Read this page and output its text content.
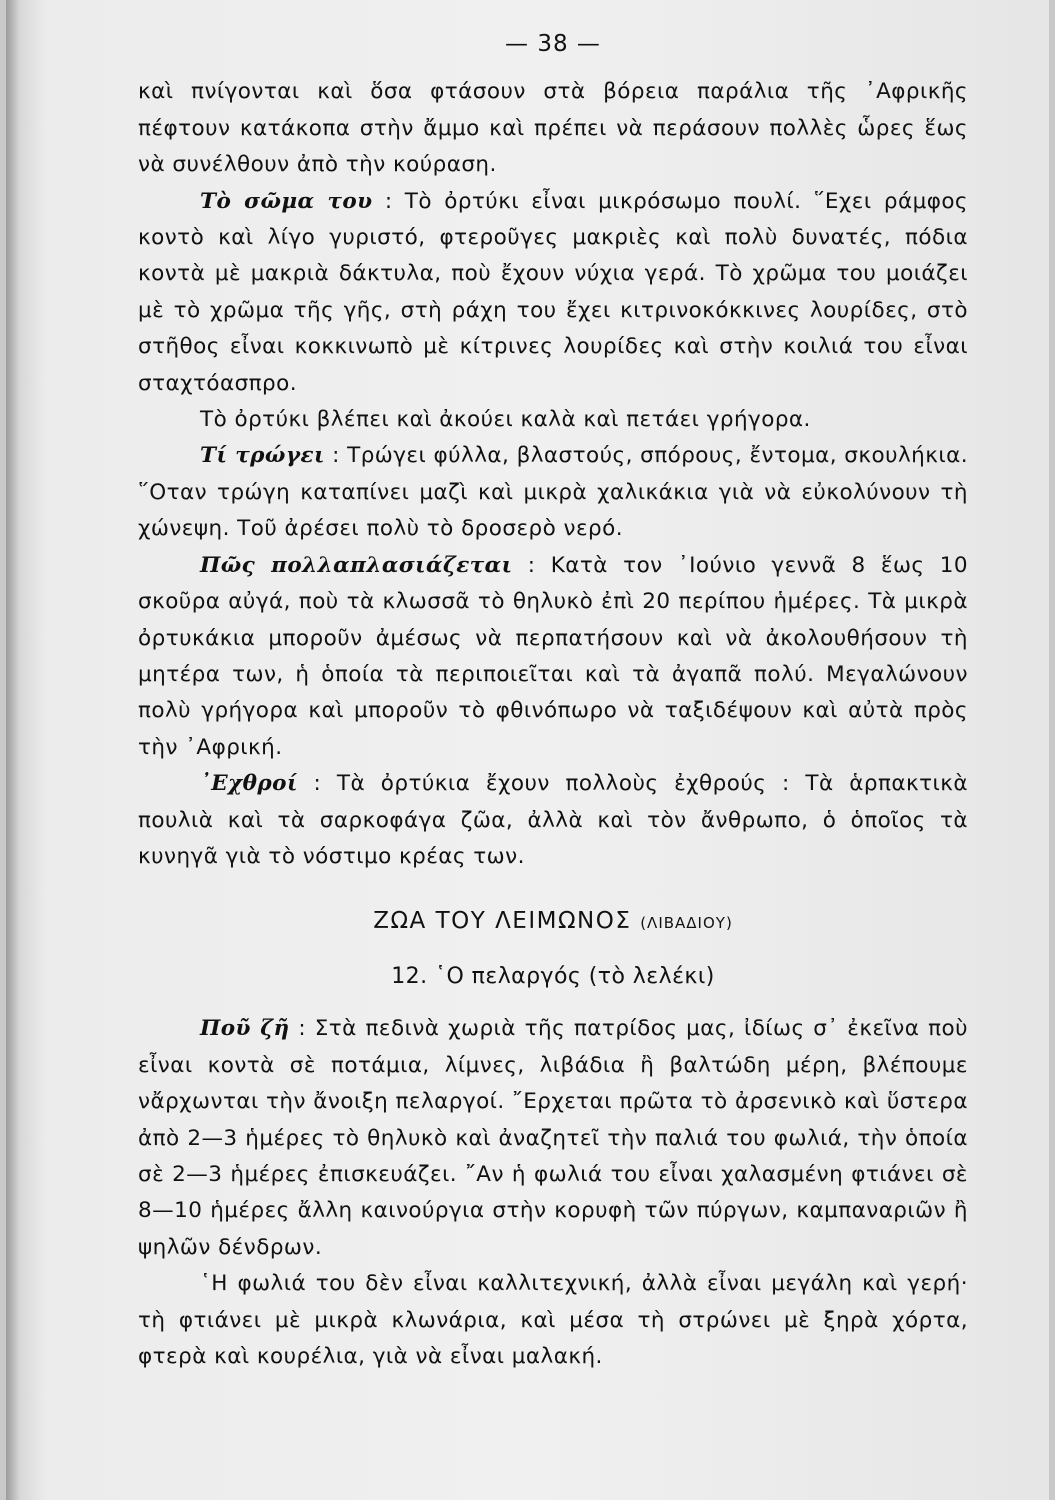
— 38 —

καὶ πνίγονται καὶ ὅσα φτάσουν στὰ βόρεια παράλια τῆς ᾿Αφρικῆς πέφτουν κατάκοπα στὴν ἄμμο καὶ πρέπει νὰ περάσουν πολλὲς ὧρες ἕως νὰ συνέλθουν ἀπὸ τὴν κούραση.

Τὸ σῶμα του : Τὸ ὀρτύκι εἶναι μικρόσωμο πουλί. ῞Εχει ράμφος κοντὸ καὶ λίγο γυριστό, φτεροῦγες μακριὲς καὶ πολὺ δυνατές, πόδια κοντὰ μὲ μακριὰ δάκτυλα, ποὺ ἔχουν νύχια γερά. Τὸ χρῶμα του μοιάζει μὲ τὸ χρῶμα τῆς γῆς, στὴ ράχη του ἔχει κιτρινοκόκκινες λουρίδες, στὸ στῆθος εἶναι κοκκινωπὸ μὲ κίτρινες λουρίδες καὶ στὴν κοιλιά του εἶναι σταχτόασπρο.

Τὸ ὀρτύκι βλέπει καὶ ἀκούει καλὰ καὶ πετάει γρήγορα.

Τί τρώγει : Τρώγει φύλλα, βλαστούς, σπόρους, ἔντομα, σκουλήκια. ῞Οταν τρώγη καταπίνει μαζὶ καὶ μικρὰ χαλικάκια γιὰ νὰ εὐκολύνουν τὴ χώνεψη. Τοῦ ἀρέσει πολὺ τὸ δροσερὸ νερό.

Πῶς πολλαπλασιάζεται : Κατὰ τον ᾿Ιούνιο γεννᾶ 8 ἕως 10 σκοῦρα αὐγά, ποὺ τὰ κλωσσᾶ τὸ θηλυκὸ ἐπὶ 20 περίπου ἡμέρες. Τὰ μικρὰ ὀρτυκάκια μποροῦν ἀμέσως νὰ περπατήσουν καὶ νὰ ἀκολουθήσουν τὴ μητέρα των, ἡ ὁποία τὰ περιποιεῖται καὶ τὰ ἀγαπᾶ πολύ. Μεγαλώνουν πολὺ γρήγορα καὶ μποροῦν τὸ φθινόπωρο νὰ ταξιδέψουν καὶ αὐτὰ πρὸς τὴν ᾿Αφρική.

᾿Εχθροί : Τὰ ὀρτύκια ἔχουν πολλοὺς ἐχθρούς : Τὰ ἁρπακτικὰ πουλιὰ καὶ τὰ σαρκοφάγα ζῶα, ἀλλὰ καὶ τὸν ἄνθρωπο, ὁ ὁποῖος τὰ κυνηγᾶ γιὰ τὸ νόστιμο κρέας των.

ΖΩΑ ΤΟΥ ΛΕΙΜΩΝΟΣ (ΛΙΒΑΔΙΟΥ)
12. ῾Ο πελαργός (τὸ λελέκι)

Ποῦ ζῆ : Στὰ πεδινὰ χωριὰ τῆς πατρίδος μας, ἰδίως σ᾿ ἐκεῖνα ποὺ εἶναι κοντὰ σὲ ποτάμια, λίμνες, λιβάδια ἢ βαλτώδη μέρη, βλέπουμε νἄρχωνται τὴν ἄνοιξη πελαργοί. ῎Ερχεται πρῶτα τὸ ἀρσενικὸ καὶ ὕστερα ἀπὸ 2—3 ἡμέρες τὸ θηλυκὸ καὶ ἀναζητεῖ τὴν παλιά του φωλιά, τὴν ὁποία σὲ 2—3 ἡμέρες ἐπισκευάζει. ῎Αν ἡ φωλιά του εἶναι χαλασμένη φτιάνει σὲ 8—10 ἡμέρες ἄλλη καινούργια στὴν κορυφὴ τῶν πύργων, καμπαναριῶν ἢ ψηλῶν δένδρων.

῾Η φωλιά του δὲν εἶναι καλλιτεχνική, ἀλλὰ εἶναι μεγάλη καὶ γερή· τὴ φτιάνει μὲ μικρὰ κλωνάρια, καὶ μέσα τὴ στρώνει μὲ ξηρὰ χόρτα, φτερὰ καὶ κουρέλια, γιὰ νὰ εἶναι μαλακή.
